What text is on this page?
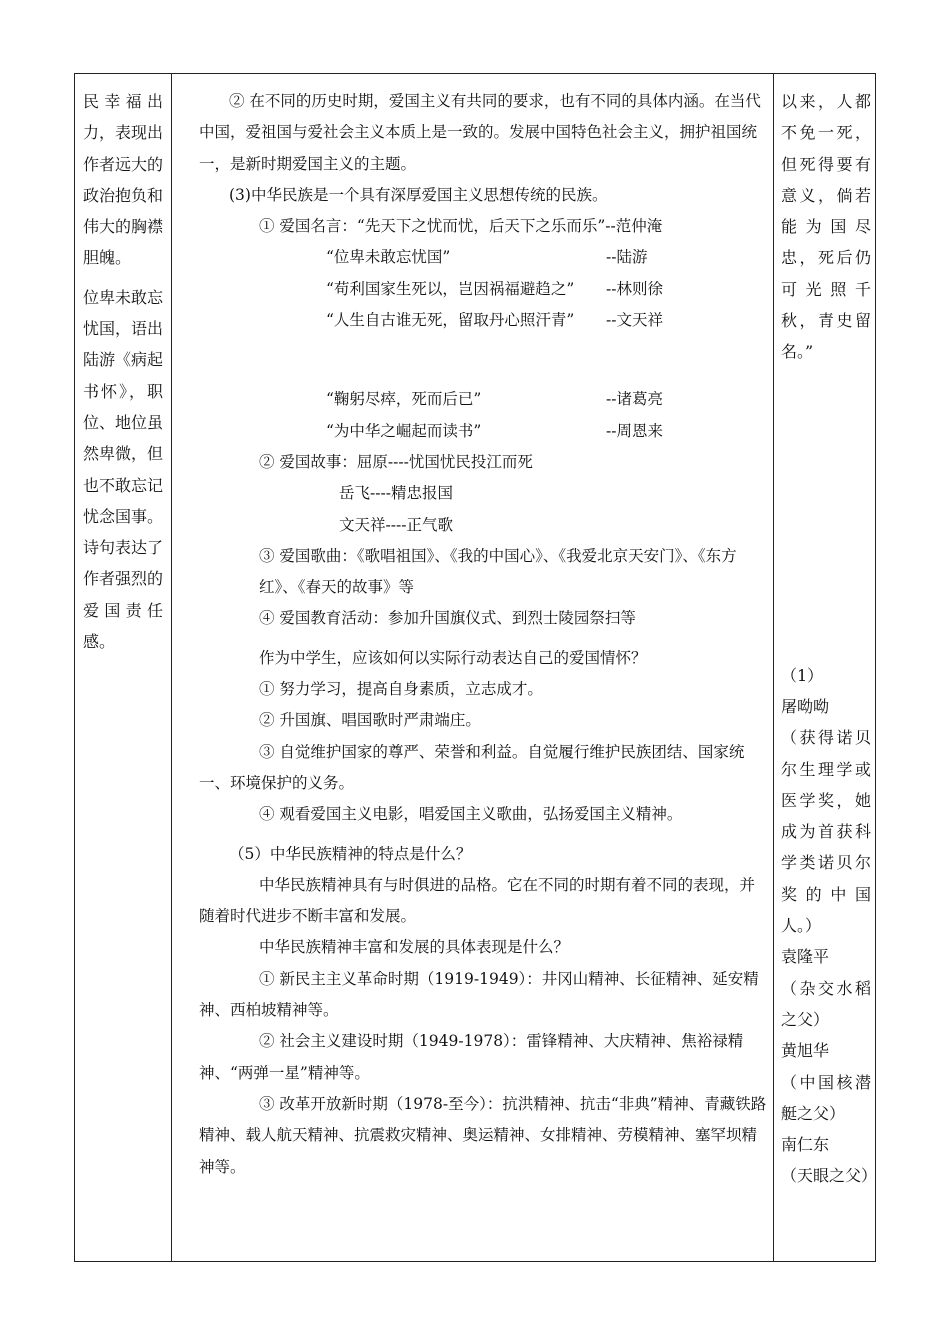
民幸福出力，表现出作者远大的政治抱负和伟大的胸襟胆魄。

位卑未敢忘忧国，语出陆游《病起书怀》，职位、地位虽然卑微，但也不敢忘记忧念国事。诗句表达了作者强烈的爱国责任感。

② 在不同的历史时期，爱国主义有共同的要求，也有不同的具体内涵。在当代中国，爱祖国与爱社会主义本质上是一致的。发展中国特色社会主义，拥护祖国统一，是新时期爱国主义的主题。

(3)中华民族是一个具有深厚爱国主义思想传统的民族。

① 爱国名言：“先天下之忧而忧，后天下之乐而乐”--范仲淹

“位卑未敢忘忧国”	--陆游

“苟利国家生死以，岂因祸福避趋之” --林则徐

“人生自古谁无死，留取丹心照汗青” --文天祥

“鞠躬尽瘁，死而后已”	--诸葛亮

“为中华之崛起而读书”	--周恩来

② 爱国故事：屈原----忧国忧民投江而死

岳飞----精忠报国

文天祥----正气歌

③ 爱国歌曲：《歌唱祖国》、《我的中国心》、《我爱北京天安门》、《东方红》、《春天的故事》等

④ 爱国教育活动：参加升国旗仪式、到烈士陵园祭扫等

作为中学生，应该如何以实际行动表达自己的爱国情怀？

① 努力学习，提高自身素质，立志成才。

② 升国旗、唱国歌时严肃端庄。

③ 自觉维护国家的尊严、荣誉和利益。自觉履行维护民族团结、国家统一、环境保护的义务。

④ 观看爱国主义电影，唱爱国主义歌曲，弘扬爱国主义精神。

（5）中华民族精神的特点是什么？

中华民族精神具有与时俱进的品格。它在不同的时期有着不同的表现，并随着时代进步不断丰富和发展。

中华民族精神丰富和发展的具体表现是什么？

① 新民主主义革命时期（1919-1949）：井冈山精神、长征精神、延安精神、西柏坡精神等。

② 社会主义建设时期（1949-1978）：雷锋精神、大庆精神、焦裕禄精神、“两弹一星”精神等。

③ 改革开放新时期（1978-至今）：抗洪精神、抗击“非典”精神、青藏铁路精神、载人航天精神、抗震救灾精神、奥运精神、女排精神、劳模精神、塞罕坝精神等。

以来，人都不免一死，但死得要有意义，倘若能为国尽忠，死后仍可光照千秋，青史留名。”

（1）

屠呦呦

（获得诺贝尔生理学或医学奖，她成为首获科学类诺贝尔奖的中国人。）

袁隆平

（杂交水稻之父）

黄旭华

（中国核潜艇之父）

南仁东

（天眼之父）
